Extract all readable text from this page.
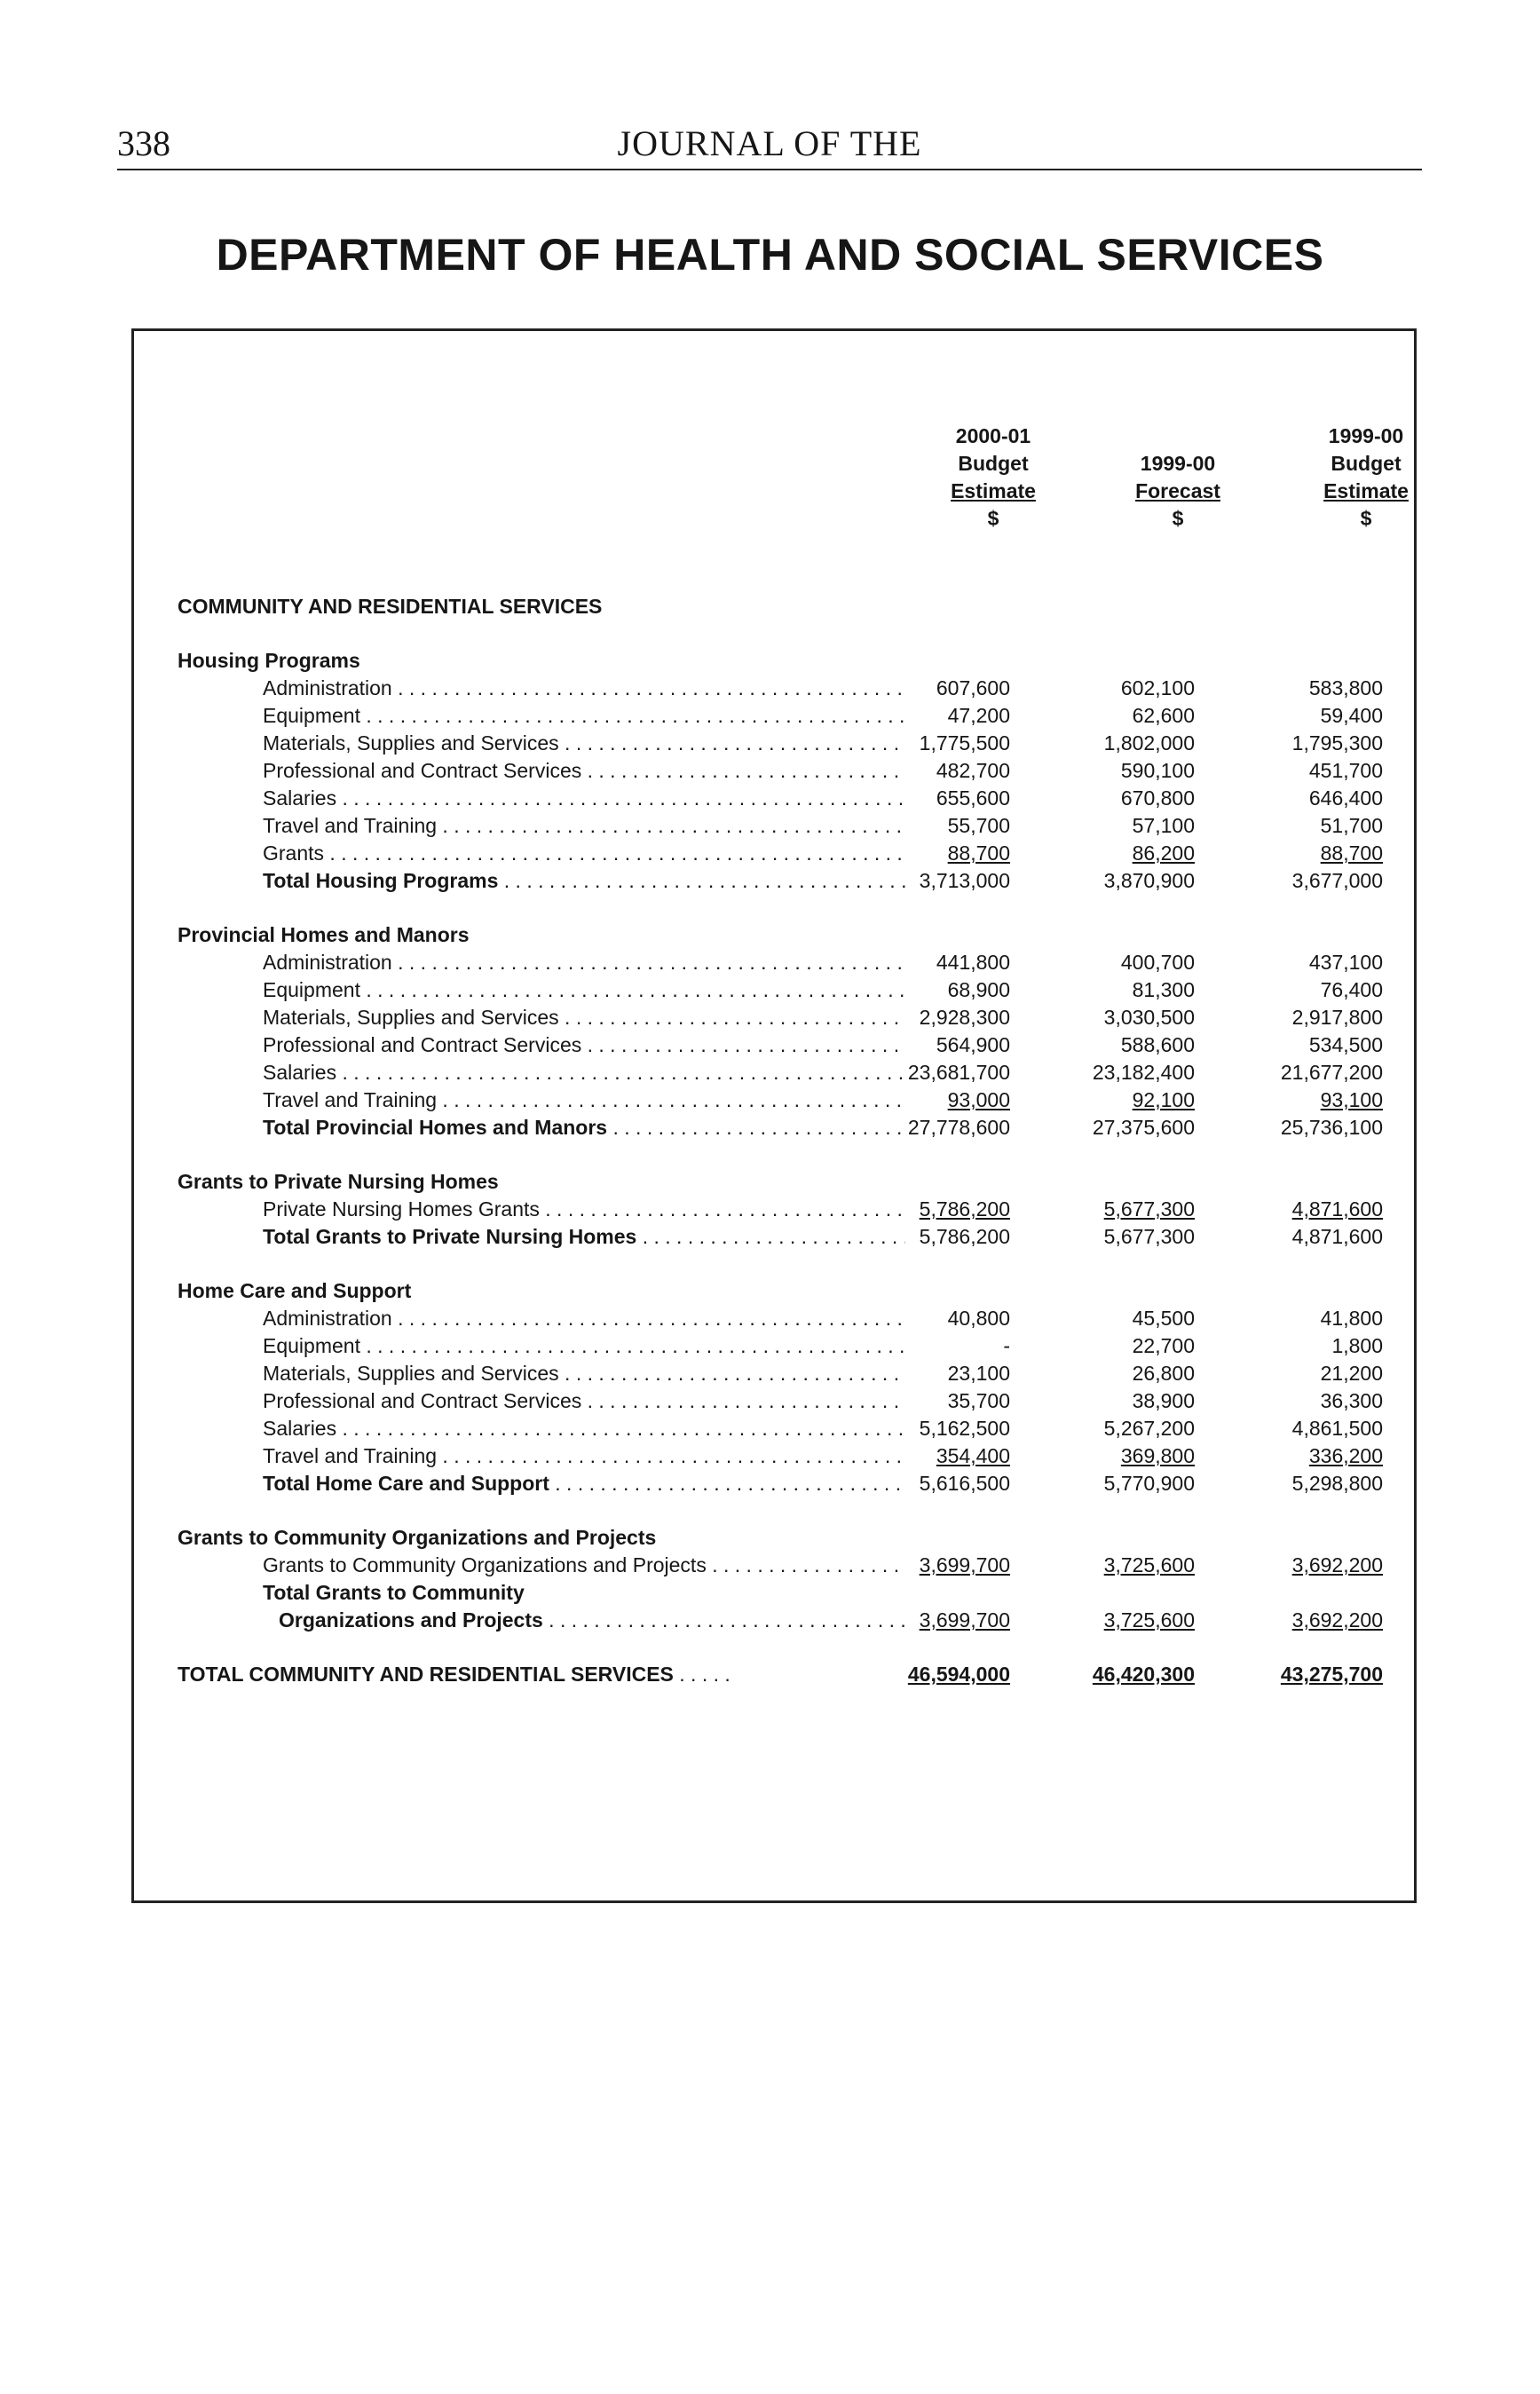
338	JOURNAL OF THE
DEPARTMENT OF HEALTH AND SOCIAL SERVICES
2000-01
Budget
Estimate
$
1999-00
Forecast
$
1999-00
Budget
Estimate
$
COMMUNITY AND RESIDENTIAL SERVICES
Housing Programs
Administration . . .	607,600	602,100	583,800
Equipment . . .	47,200	62,600	59,400
Materials, Supplies and Services . . .	1,775,500	1,802,000	1,795,300
Professional and Contract Services . . .	482,700	590,100	451,700
Salaries . . .	655,600	670,800	646,400
Travel and Training . . .	55,700	57,100	51,700
Grants . . .	88,700	86,200	88,700
Total Housing Programs . . .	3,713,000	3,870,900	3,677,000
Provincial Homes and Manors
Administration . . .	441,800	400,700	437,100
Equipment . . .	68,900	81,300	76,400
Materials, Supplies and Services . . .	2,928,300	3,030,500	2,917,800
Professional and Contract Services . . .	564,900	588,600	534,500
Salaries . . .	23,681,700	23,182,400	21,677,200
Travel and Training . . .	93,000	92,100	93,100
Total Provincial Homes and Manors . . .	27,778,600	27,375,600	25,736,100
Grants to Private Nursing Homes
Private Nursing Homes Grants . . .	5,786,200	5,677,300	4,871,600
Total Grants to Private Nursing Homes . . .	5,786,200	5,677,300	4,871,600
Home Care and Support
Administration . . .	40,800	45,500	41,800
Equipment . . .	-	22,700	1,800
Materials, Supplies and Services . . .	23,100	26,800	21,200
Professional and Contract Services . . .	35,700	38,900	36,300
Salaries . . .	5,162,500	5,267,200	4,861,500
Travel and Training . . .	354,400	369,800	336,200
Total Home Care and Support . . .	5,616,500	5,770,900	5,298,800
Grants to Community Organizations and Projects
Grants to Community Organizations and Projects . . .	3,699,700	3,725,600	3,692,200
Total Grants to Community
Organizations and Projects . . .	3,699,700	3,725,600	3,692,200
TOTAL COMMUNITY AND RESIDENTIAL SERVICES . . .	46,594,000	46,420,300	43,275,700
